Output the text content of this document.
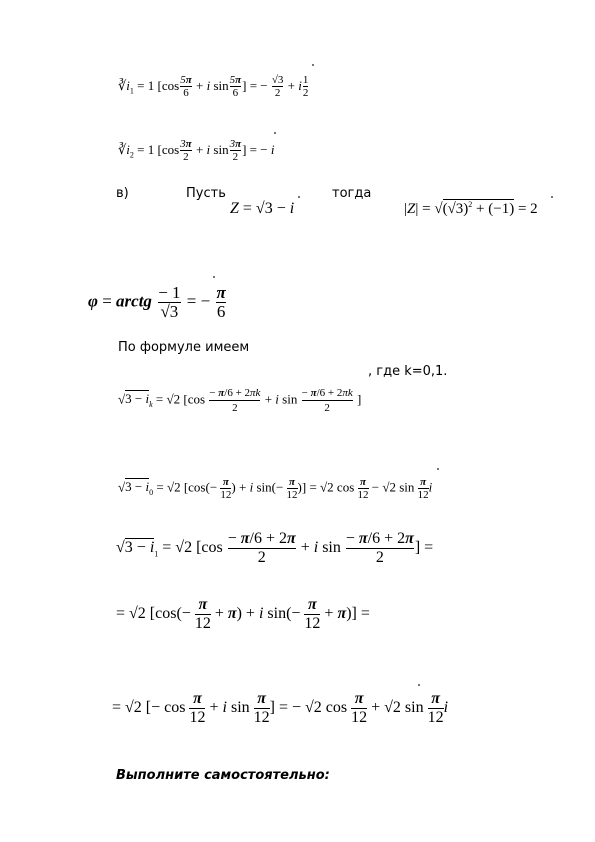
$∛i_1 = 1$ [$\cos \frac{5\pi}{6} + i$ $\sin \frac{5\pi}{6}$ ] = − $\frac{√3}{2} + i \frac{1}{2}$
$∛i_2 = 1$ [$\cos \frac{3\pi}{2} + i$ $\sin \frac{3\pi}{2}$ ] = − i
в)	Пусть	тогда
Z = √3 − i	$|Z| = √(√3)^2 + (-1) = 2$
φ = arctg $\frac{- 1}{√3}$ = − $\frac{\pi}{6}$
По формуле имеем
, где k=0,1.
$√3 - i_k = √2$ [$\cos \frac{- \pi/6 + 2\pi k}{2} + i$ $\sin \frac{- \pi/6 + 2\pi k}{2}$ ]
$√3 - i_0 = √2$ [$\cos(- \frac{\pi}{12}$ ) + i $\sin(- \frac{\pi}{12}$ )] = √2 $\cos \frac{\pi}{12} - √2$ $\sin \frac{\pi}{12}$ i
$√3 - i_1 = √2$ [$\cos \frac{- \pi/6 + 2\pi}{2} + i$ $\sin \frac{- \pi/6 + 2\pi}{2}$ ] =
= √2 [$\cos(- \frac{\pi}{12} + \pi) + i$ $\sin(- \frac{\pi}{12} + \pi)$] =
= √2 [− $\cos \frac{\pi}{12} + i$ $\sin \frac{\pi}{12}$ ] = − √2 $\cos \frac{\pi}{12} + √2$ $\sin \frac{\pi}{12}$ i
Выполните самостоятельно:
